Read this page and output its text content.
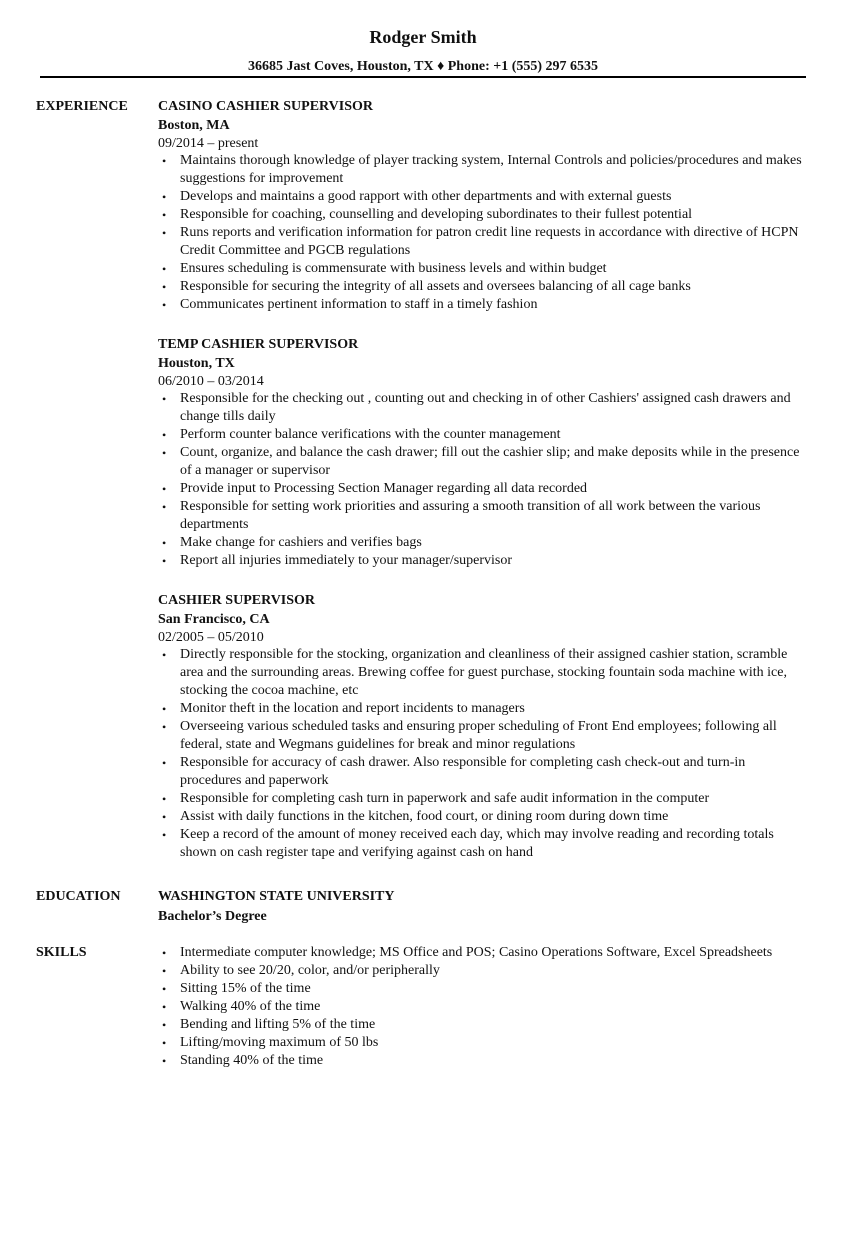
Rodger Smith
36685 Jast Coves, Houston, TX ♦ Phone: +1 (555) 297 6535
EXPERIENCE	CASINO CASHIER SUPERVISOR
Boston, MA
09/2014 – present
• Maintains thorough knowledge of player tracking system, Internal Controls and policies/procedures and makes suggestions for improvement
• Develops and maintains a good rapport with other departments and with external guests
• Responsible for coaching, counselling and developing subordinates to their fullest potential
• Runs reports and verification information for patron credit line requests in accordance with directive of HCPN Credit Committee and PGCB regulations
• Ensures scheduling is commensurate with business levels and within budget
• Responsible for securing the integrity of all assets and oversees balancing of all cage banks
• Communicates pertinent information to staff in a timely fashion
TEMP CASHIER SUPERVISOR
Houston, TX
06/2010 – 03/2014
• Responsible for the checking out , counting out and checking in of other Cashiers' assigned cash drawers and change tills daily
• Perform counter balance verifications with the counter management
• Count, organize, and balance the cash drawer; fill out the cashier slip; and make deposits while in the presence of a manager or supervisor
• Provide input to Processing Section Manager regarding all data recorded
• Responsible for setting work priorities and assuring a smooth transition of all work between the various departments
• Make change for cashiers and verifies bags
• Report all injuries immediately to your manager/supervisor
CASHIER SUPERVISOR
San Francisco, CA
02/2005 – 05/2010
• Directly responsible for the stocking, organization and cleanliness of their assigned cashier station, scramble area and the surrounding areas. Brewing coffee for guest purchase, stocking fountain soda machine with ice, stocking the cocoa machine, etc
• Monitor theft in the location and report incidents to managers
• Overseeing various scheduled tasks and ensuring proper scheduling of Front End employees; following all federal, state and Wegmans guidelines for break and minor regulations
• Responsible for accuracy of cash drawer. Also responsible for completing cash check-out and turn-in procedures and paperwork
• Responsible for completing cash turn in paperwork and safe audit information in the computer
• Assist with daily functions in the kitchen, food court, or dining room during down time
• Keep a record of the amount of money received each day, which may involve reading and recording totals shown on cash register tape and verifying against cash on hand
EDUCATION	WASHINGTON STATE UNIVERSITY
Bachelor’s Degree
SKILLS	• Intermediate computer knowledge; MS Office and POS; Casino Operations Software, Excel Spreadsheets
• Ability to see 20/20, color, and/or peripherally
• Sitting 15% of the time
• Walking 40% of the time
• Bending and lifting 5% of the time
• Lifting/moving maximum of 50 lbs
• Standing 40% of the time
